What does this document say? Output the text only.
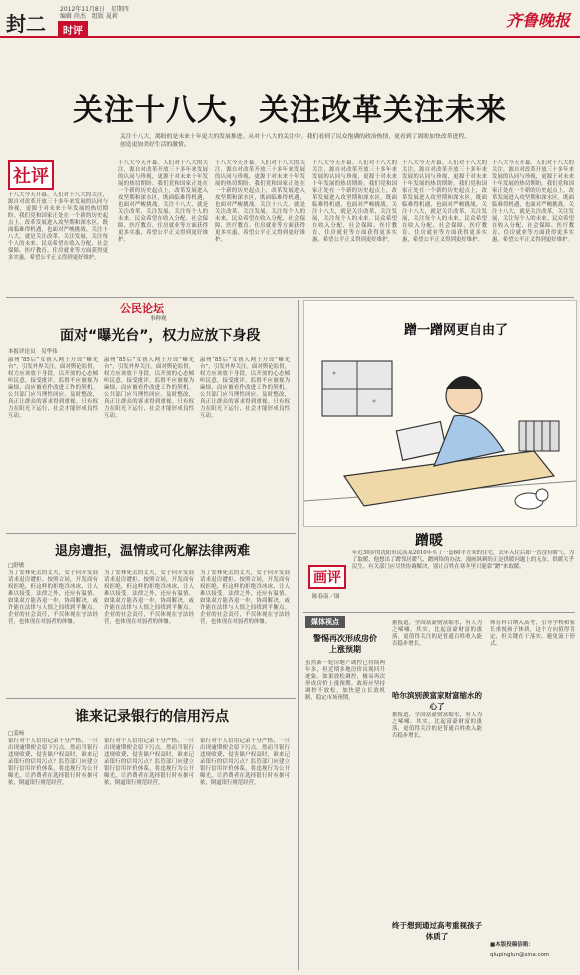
封二
2012年11月8日　星期四
编辑 尚杰　组版 晁莉
时评
齐鲁晚报
关注十八大，关注改革关注未来
关注十八大，渴盼的是未来十年更大的发展推进。从对十八大的关注中，我们看到了民众饱满的政治热情，更看到了渴盼加快改革进程、创造更加美好生活的激情。
社评
十八大今天开幕。人们对十八大的关注，源自对改革开放三十多年来发展的认同与珍视，更源于对未来十年发展的热切期盼。我们党和国家正处在一个新的历史起点上，改革发展进入攻坚期和深水区，既面临难得机遇，也面对严峻挑战。关注十八大，就是关注改革，关注发展，关注每个人的未来。民众希望在收入分配、社会保障、医疗教育、住房就业等方面获得更多实惠，希望公平正义得到更好维护。
十八大今天开幕。人们对十八大的关注，源自对改革开放三十多年来发展的认同与珍视，更源于对未来十年发展的热切期盼。我们党和国家正处在一个新的历史起点上，改革发展进入攻坚期和深水区，既面临难得机遇，也面对严峻挑战。关注十八大，就是关注改革，关注发展，关注每个人的未来。民众希望在收入分配、社会保障、医疗教育、住房就业等方面获得更多实惠，希望公平正义得到更好维护。
十八大今天开幕。人们对十八大的关注，源自对改革开放三十多年来发展的认同与珍视，更源于对未来十年发展的热切期盼。我们党和国家正处在一个新的历史起点上，改革发展进入攻坚期和深水区，既面临难得机遇，也面对严峻挑战。关注十八大，就是关注改革，关注发展，关注每个人的未来。民众希望在收入分配、社会保障、医疗教育、住房就业等方面获得更多实惠，希望公平正义得到更好维护。
十八大今天开幕。人们对十八大的关注，源自对改革开放三十多年来发展的认同与珍视，更源于对未来十年发展的热切期盼。我们党和国家正处在一个新的历史起点上，改革发展进入攻坚期和深水区，既面临难得机遇，也面对严峻挑战。关注十八大，就是关注改革，关注发展，关注每个人的未来。民众希望在收入分配、社会保障、医疗教育、住房就业等方面获得更多实惠，希望公平正义得到更好维护。
十八大今天开幕。人们对十八大的关注，源自对改革开放三十多年来发展的认同与珍视，更源于对未来十年发展的热切期盼。我们党和国家正处在一个新的历史起点上，改革发展进入攻坚期和深水区，既面临难得机遇，也面对严峻挑战。关注十八大，就是关注改革，关注发展，关注每个人的未来。民众希望在收入分配、社会保障、医疗教育、住房就业等方面获得更多实惠，希望公平正义得到更好维护。
十八大今天开幕。人们对十八大的关注，源自对改革开放三十多年来发展的认同与珍视，更源于对未来十年发展的热切期盼。我们党和国家正处在一个新的历史起点上，改革发展进入攻坚期和深水区，既面临难得机遇，也面对严峻挑战。关注十八大，就是关注改革，关注发展，关注每个人的未来。民众希望在收入分配、社会保障、医疗教育、住房就业等方面获得更多实惠，希望公平正义得到更好维护。
公民论坛
事种观
面对“曝光台”，权力应放下身段
本报评论员　吴华伟
温州“85后”女孩人网上开设“曝光台”，引发外界关注。面对舆论监督，权力应该放下身段，以开放的心态倾听民意、接受批评。监督不应被视为麻烦，而应被看作改进工作的契机。公共部门应当理性回应，及时整改，真正让群众的诉求得到重视。只有权力在阳光下运行，社会才能形成良性互动。
温州“85后”女孩人网上开设“曝光台”，引发外界关注。面对舆论监督，权力应该放下身段，以开放的心态倾听民意、接受批评。监督不应被视为麻烦，而应被看作改进工作的契机。公共部门应当理性回应，及时整改，真正让群众的诉求得到重视。只有权力在阳光下运行，社会才能形成良性互动。
温州“85后”女孩人网上开设“曝光台”，引发外界关注。面对舆论监督，权力应该放下身段，以开放的心态倾听民意、接受批评。监督不应被视为麻烦，而应被看作改进工作的契机。公共部门应当理性回应，及时整改，真正让群众的诉求得到重视。只有权力在阳光下运行，社会才能形成良性互动。
退房遭拒，温情或可化解法律两难
□舒敏
为了安葬死去的丈夫，女子向开发商请求退房遭拒。按照合同，开发商有权拒绝，但这样的拒绝冷冰冰，让人难以接受。法律之外，还应有温情。如果双方能各退一步，协商解决，或许能在法律与人情之间找到平衡点。企业的社会责任，不仅体现在守法经营，也体现在对弱者的体恤。
为了安葬死去的丈夫，女子向开发商请求退房遭拒。按照合同，开发商有权拒绝，但这样的拒绝冷冰冰，让人难以接受。法律之外，还应有温情。如果双方能各退一步，协商解决，或许能在法律与人情之间找到平衡点。企业的社会责任，不仅体现在守法经营，也体现在对弱者的体恤。
为了安葬死去的丈夫，女子向开发商请求退房遭拒。按照合同，开发商有权拒绝，但这样的拒绝冷冰冰，让人难以接受。法律之外，还应有温情。如果双方能各退一步，协商解决，或许能在法律与人情之间找到平衡点。企业的社会责任，不仅体现在守法经营，也体现在对弱者的体恤。
谁来记录银行的信用污点
□姜杨
银行对个人信用记录十分严格，一旦出现逾期便会留下污点。然而当银行违规收费、侵害储户权益时，谁来记录银行的信用污点？监管部门应建立银行信用评价体系，将违规行为公开曝光，让消费者在选择银行时有据可依，倒逼银行规范经营。
银行对个人信用记录十分严格，一旦出现逾期便会留下污点。然而当银行违规收费、侵害储户权益时，谁来记录银行的信用污点？监管部门应建立银行信用评价体系，将违规行为公开曝光，让消费者在选择银行时有据可依，倒逼银行规范经营。
银行对个人信用记录十分严格，一旦出现逾期便会留下污点。然而当银行违规收费、侵害储户权益时，谁来记录银行的信用污点？监管部门应建立银行信用评价体系，将违规行为公开曝光，让消费者在选择银行时有据可依，倒逼银行规范经营。
蹭一蹭网更自由了
蹭暖
画评
陈春南／图
年近30岁的沈阳市民高某2010年买了一套60平方米的住宅，去年入住后却一直没有暖气。为了取暖，他想出了蹭邻居暖气、蹭网络的办法。漫画讽刺的正是供暖问题上的无奈。供暖关乎民生，有关部门应尽快协调解决，别让百姓在寒冬里只能靠“蹭”来取暖。
媒体视点
警惕再次形成房价上涨预期
虽然新一轮房地产调控已持续两年多，但近期多地房价出现回升迹象。如果放松调控，极易再次形成房价上涨预期。政府应坚持调控不放松，加快建立长效机制，稳定市场预期。	哈尔滨别羡富家财富缩水的心了
据报道，全国富豪财富缩水，有人为之唏嘘。其实，比起富豪财富的涨落，更值得关注的是普通百姓收入能否稳步增长。
据报道，全国富豪财富缩水，有人为之唏嘘。其实，比起富豪财富的涨落，更值得关注的是普通百姓收入能否稳步增长。
终于想到通过高考重视孩子体质了
体育科目纳入高考，引导学校和家长重视孩子体质，这个方向值得肯定，但关键在于落实，避免流于形式。
■本版投稿信箱：
qlupinglun@sina.com
